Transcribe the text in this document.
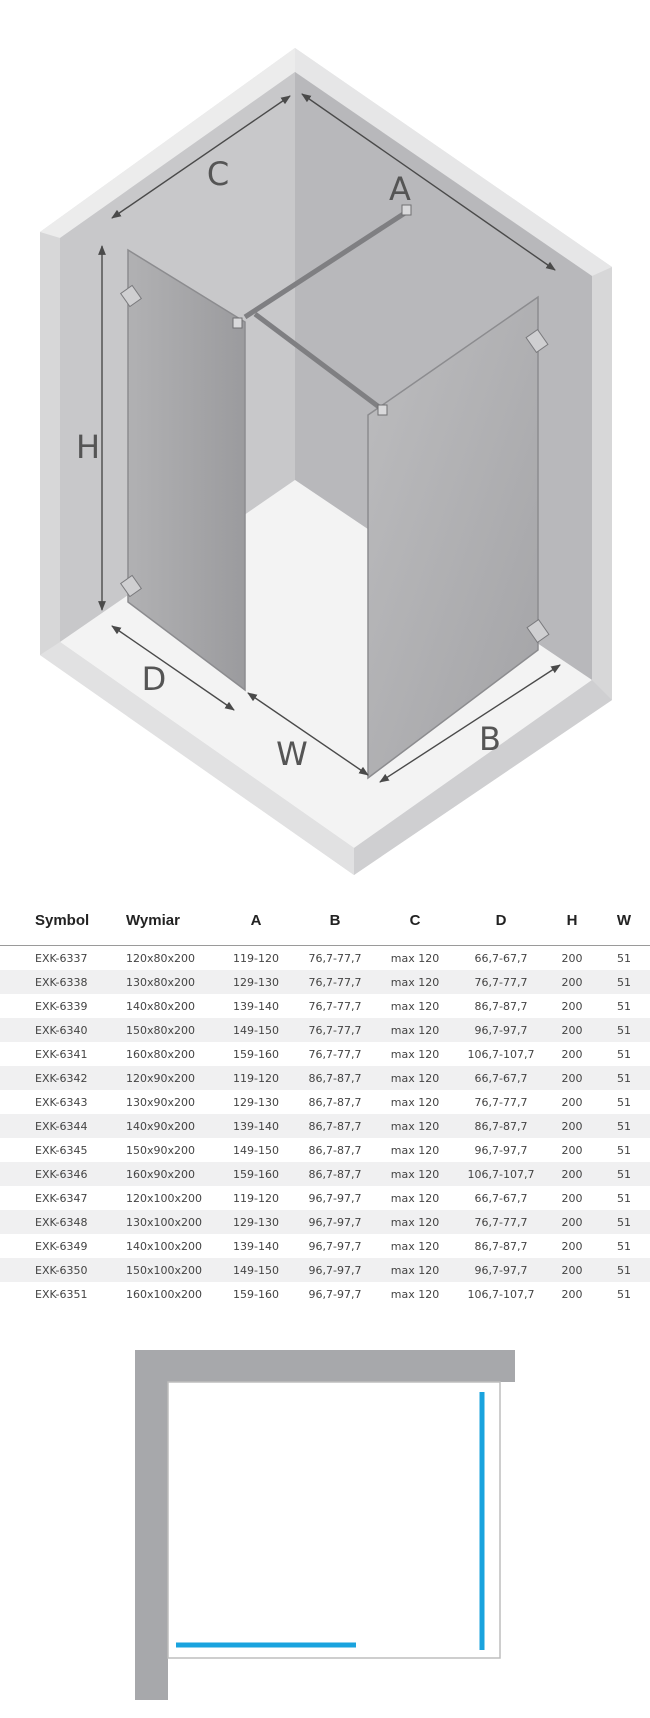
C	A
H
D
W	B
Symbol	Wymiar	A	B	C	D	H	W
EXK-6337	120x80x200	119-120	76,7-77,7	max 120	66,7-67,7	200	51
EXK-6338	130x80x200	129-130	76,7-77,7	max 120	76,7-77,7	200	51
EXK-6339	140x80x200	139-140	76,7-77,7	max 120	86,7-87,7	200	51
EXK-6340	150x80x200	149-150	76,7-77,7	max 120	96,7-97,7	200	51
EXK-6341	160x80x200	159-160	76,7-77,7	max 120	106,7-107,7	200	51
EXK-6342	120x90x200	119-120	86,7-87,7	max 120	66,7-67,7	200	51
EXK-6343	130x90x200	129-130	86,7-87,7	max 120	76,7-77,7	200	51
EXK-6344	140x90x200	139-140	86,7-87,7	max 120	86,7-87,7	200	51
EXK-6345	150x90x200	149-150	86,7-87,7	max 120	96,7-97,7	200	51
EXK-6346	160x90x200	159-160	86,7-87,7	max 120	106,7-107,7	200	51
EXK-6347	120x100x200	119-120	96,7-97,7	max 120	66,7-67,7	200	51
EXK-6348	130x100x200	129-130	96,7-97,7	max 120	76,7-77,7	200	51
EXK-6349	140x100x200	139-140	96,7-97,7	max 120	86,7-87,7	200	51
EXK-6350	150x100x200	149-150	96,7-97,7	max 120	96,7-97,7	200	51
EXK-6351	160x100x200	159-160	96,7-97,7	max 120	106,7-107,7	200	51
